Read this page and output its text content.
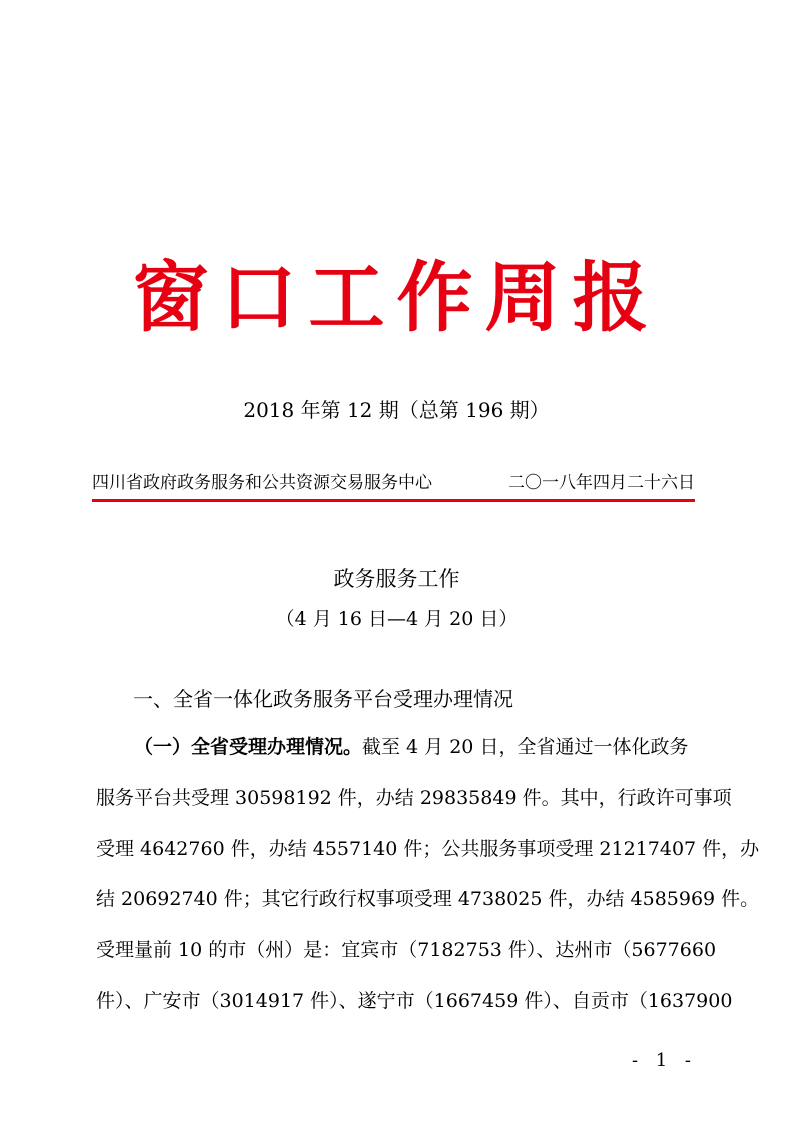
窗口工作周报
2018 年第 12 期（总第 196 期）
四川省政府政务服务和公共资源交易服务中心	二〇一八年四月二十六日
政务服务工作
（4 月 16 日—4 月 20 日）
一、全省一体化政务服务平台受理办理情况
（一）全省受理办理情况。截至 4 月 20 日，全省通过一体化政务
服务平台共受理 30598192 件，办结 29835849 件。其中，行政许可事项
受理 4642760 件，办结 4557140 件；公共服务事项受理 21217407 件，办
结 20692740 件；其它行政行权事项受理 4738025 件，办结 4585969 件。
受理量前 10 的市（州）是：宜宾市（7182753 件）、达州市（5677660
件）、广安市（3014917 件）、遂宁市（1667459 件）、自贡市（1637900
- 1 -
